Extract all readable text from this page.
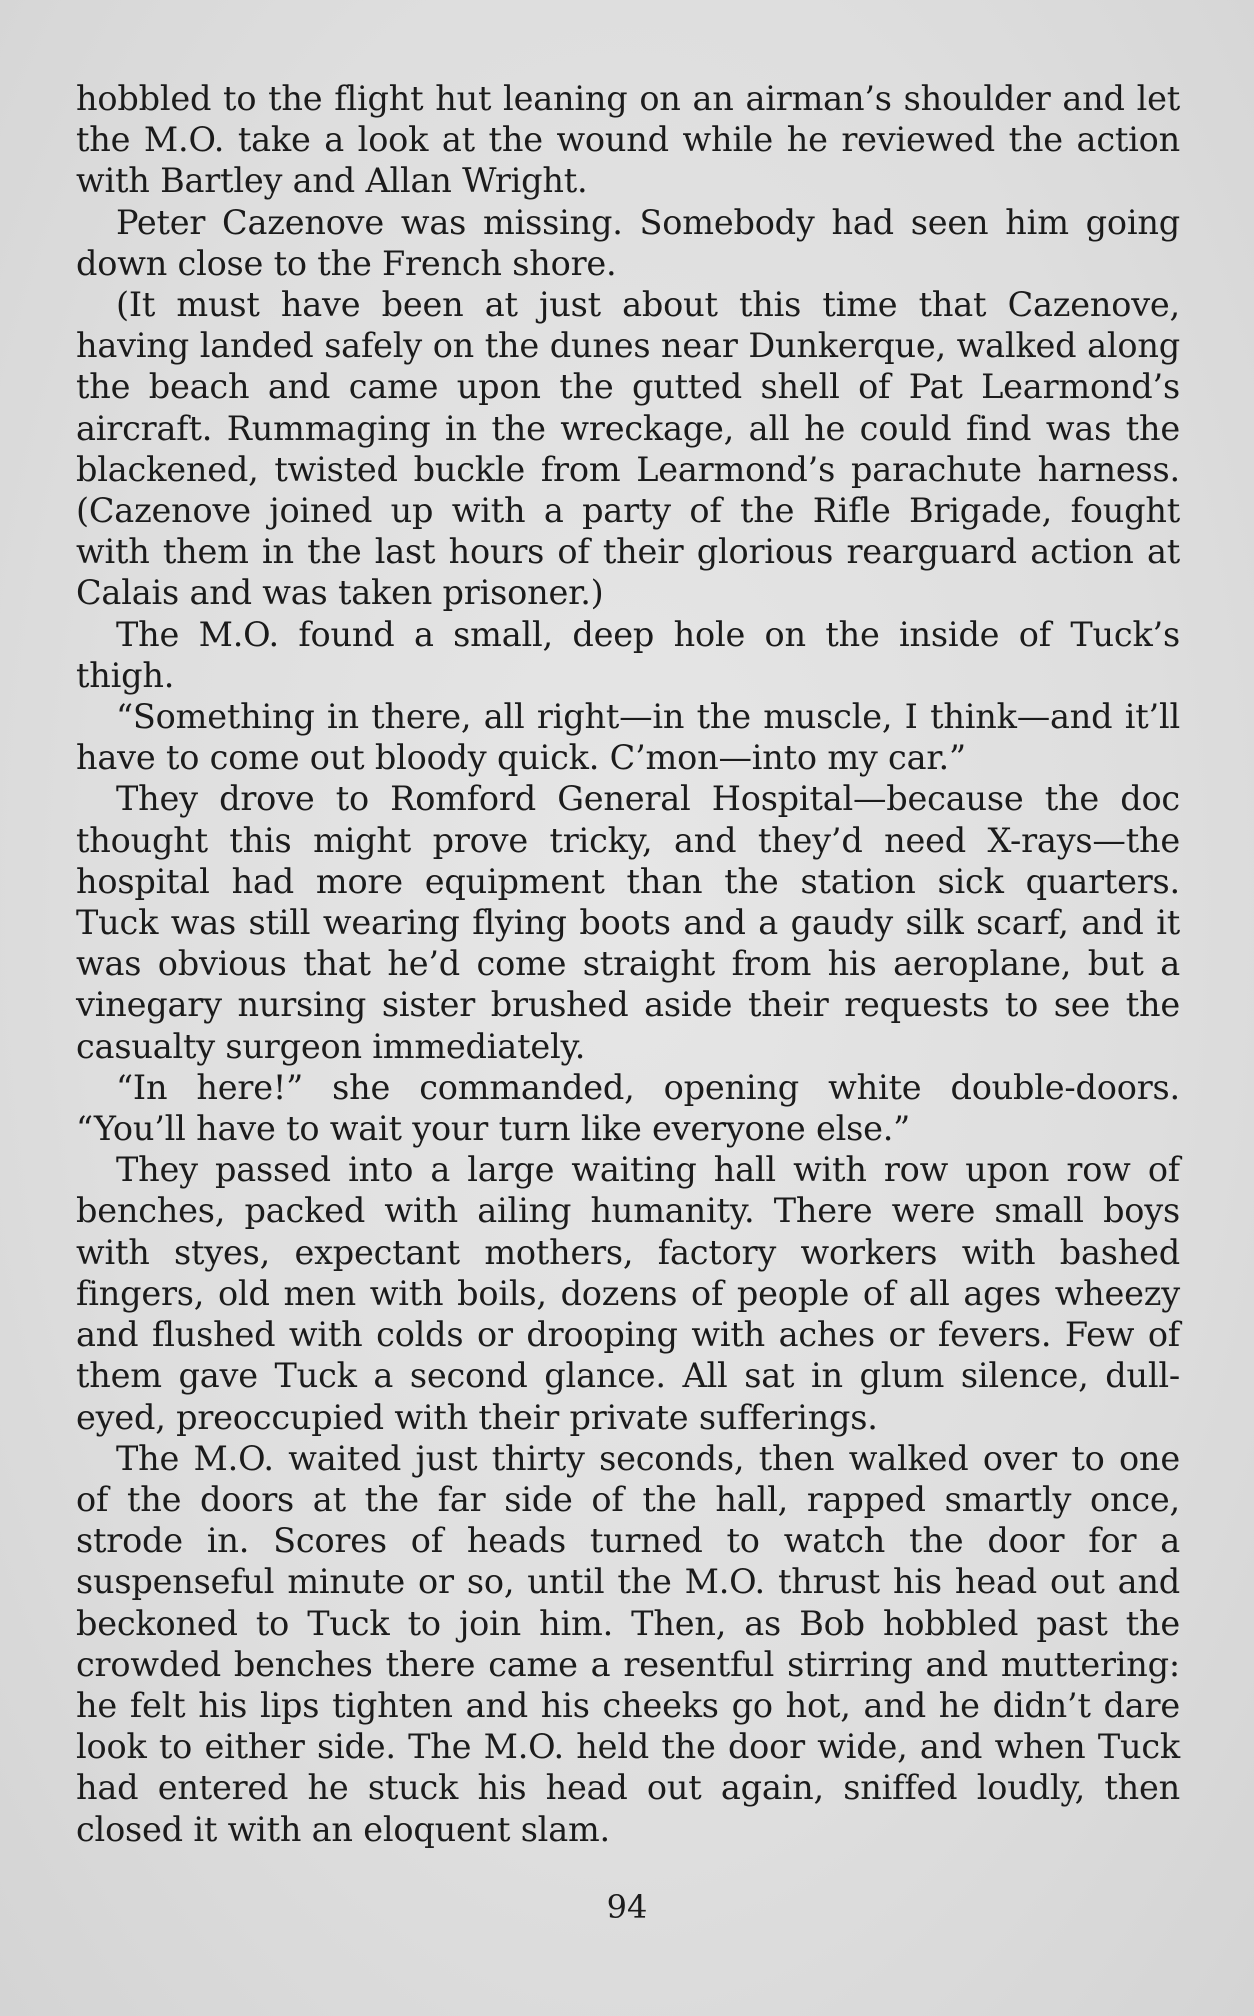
hobbled to the flight hut leaning on an airman’s shoulder and let the M.O. take a look at the wound while he reviewed the action with Bartley and Allan Wright.

Peter Cazenove was missing. Somebody had seen him going down close to the French shore.

(It must have been at just about this time that Cazenove, having landed safely on the dunes near Dunkerque, walked along the beach and came upon the gutted shell of Pat Learmond’s aircraft. Rummaging in the wreckage, all he could find was the blackened, twisted buckle from Learmond’s parachute harness. (Cazenove joined up with a party of the Rifle Brigade, fought with them in the last hours of their glorious rearguard action at Calais and was taken prisoner.)

The M.O. found a small, deep hole on the inside of Tuck’s thigh.

“Something in there, all right—in the muscle, I think—and it’ll have to come out bloody quick. C’mon—into my car.”

They drove to Romford General Hospital—because the doc thought this might prove tricky, and they’d need X-rays—the hospital had more equipment than the station sick quarters. Tuck was still wearing flying boots and a gaudy silk scarf, and it was obvious that he’d come straight from his aeroplane, but a vinegary nursing sister brushed aside their requests to see the casualty surgeon immediately.

“In here!” she commanded, opening white double-doors. “You’ll have to wait your turn like everyone else.”

They passed into a large waiting hall with row upon row of benches, packed with ailing humanity. There were small boys with styes, expectant mothers, factory workers with bashed fingers, old men with boils, dozens of people of all ages wheezy and flushed with colds or drooping with aches or fevers. Few of them gave Tuck a second glance. All sat in glum silence, dull-eyed, preoccupied with their private sufferings.

The M.O. waited just thirty seconds, then walked over to one of the doors at the far side of the hall, rapped smartly once, strode in. Scores of heads turned to watch the door for a suspenseful minute or so, until the M.O. thrust his head out and beckoned to Tuck to join him. Then, as Bob hobbled past the crowded benches there came a resentful stirring and muttering: he felt his lips tighten and his cheeks go hot, and he didn’t dare look to either side. The M.O. held the door wide, and when Tuck had entered he stuck his head out again, sniffed loudly, then closed it with an eloquent slam.

94
